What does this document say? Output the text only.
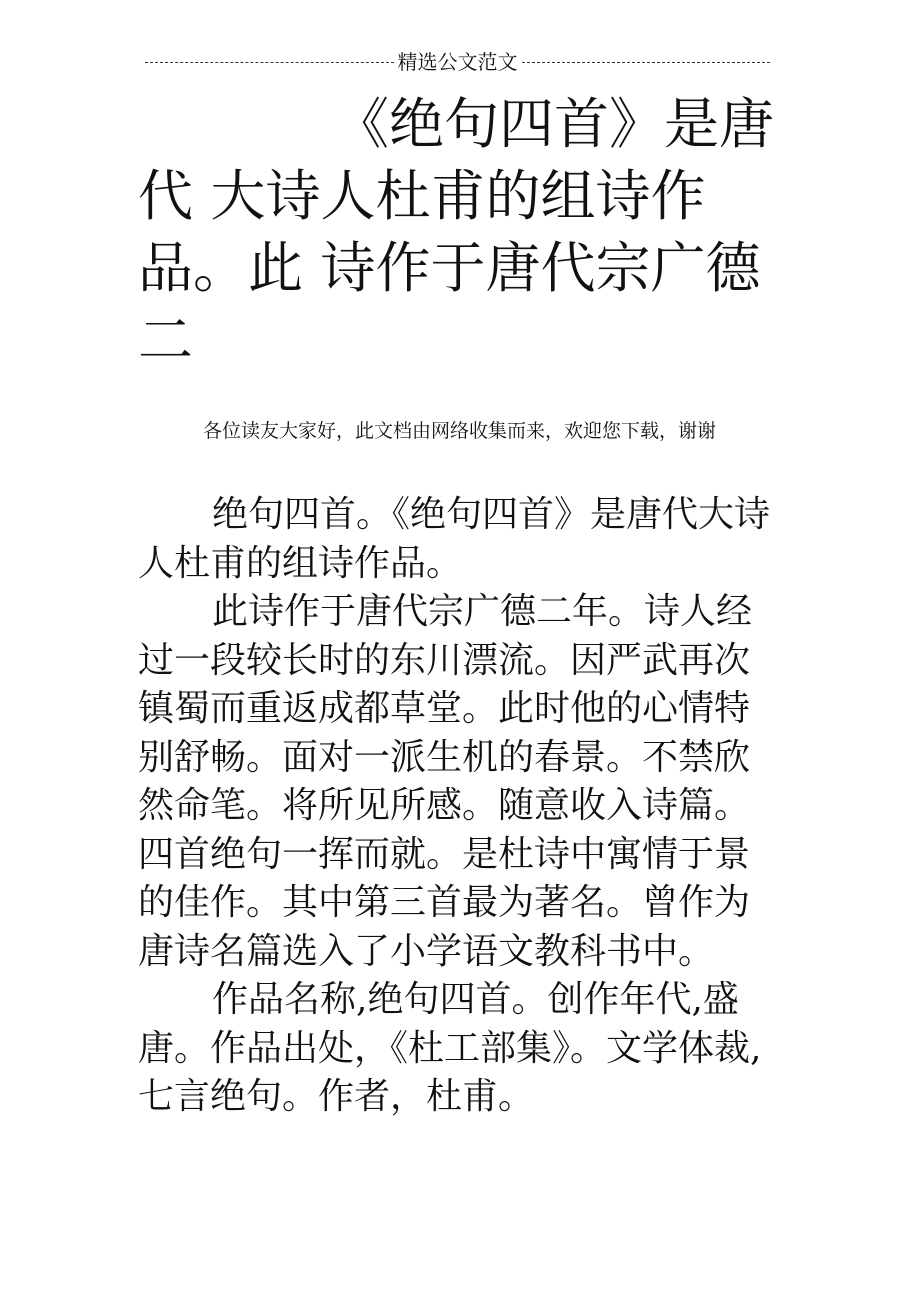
精选公文范文
《绝句四首》是唐代 大诗人杜甫的组诗作品。此 诗作于唐代宗广德二
各位读友大家好，此文档由网络收集而来，欢迎您下载，谢谢

绝句四首。《绝句四首》是唐代大诗 人杜甫的组诗作品。

此诗作于唐代宗广德二年。诗人经过一段较长时的东川漂流。因严武再次镇蜀而重返成都草堂。此时他的心情特别舒畅。面对一派生机的春景。不禁欣然命笔。将所见所感。随意收入诗篇。四首绝句一挥而就。是杜诗中寓情于景的佳作。其中第三首最为著名。曾作为唐诗名篇选入了小学语文教科书中。

作品名称,绝句四首。创作年代,盛唐。作品出处，《杜工部集》。文学体裁, 七言绝句。作者，杜甫。
